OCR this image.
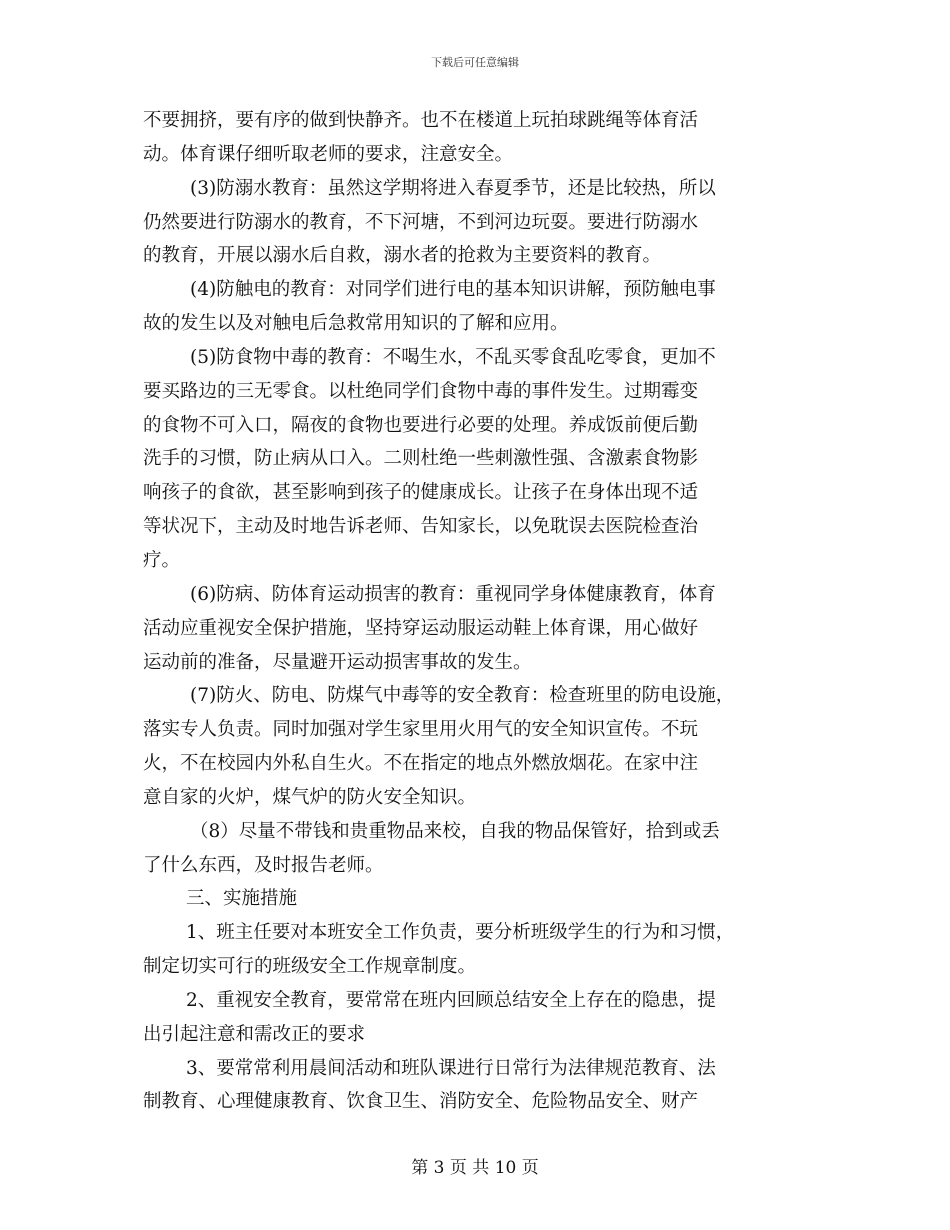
下载后可任意编辑
不要拥挤，要有序的做到快静齐。也不在楼道上玩拍球跳绳等体育活
动。体育课仔细听取老师的要求，注意安全。
(3)防溺水教育：虽然这学期将进入春夏季节，还是比较热，所以
仍然要进行防溺水的教育，不下河塘，不到河边玩耍。要进行防溺水
的教育，开展以溺水后自救，溺水者的抢救为主要资料的教育。
(4)防触电的教育：对同学们进行电的基本知识讲解，预防触电事
故的发生以及对触电后急救常用知识的了解和应用。
(5)防食物中毒的教育：不喝生水，不乱买零食乱吃零食，更加不
要买路边的三无零食。以杜绝同学们食物中毒的事件发生。过期霉变
的食物不可入口，隔夜的食物也要进行必要的处理。养成饭前便后勤
洗手的习惯，防止病从口入。二则杜绝一些刺激性强、含激素食物影
响孩子的食欲，甚至影响到孩子的健康成长。让孩子在身体出现不适
等状况下，主动及时地告诉老师、告知家长，以免耽误去医院检查治
疗。
(6)防病、防体育运动损害的教育：重视同学身体健康教育，体育
活动应重视安全保护措施，坚持穿运动服运动鞋上体育课，用心做好
运动前的准备，尽量避开运动损害事故的发生。
(7)防火、防电、防煤气中毒等的安全教育：检查班里的防电设施，
落实专人负责。同时加强对学生家里用火用气的安全知识宣传。不玩
火，不在校园内外私自生火。不在指定的地点外燃放烟花。在家中注
意自家的火炉，煤气炉的防火安全知识。
（8）尽量不带钱和贵重物品来校，自我的物品保管好，拾到或丢
了什么东西，及时报告老师。
三、实施措施
1、班主任要对本班安全工作负责，要分析班级学生的行为和习惯，
制定切实可行的班级安全工作规章制度。
2、重视安全教育，要常常在班内回顾总结安全上存在的隐患，提
出引起注意和需改正的要求
3、要常常利用晨间活动和班队课进行日常行为法律规范教育、法
制教育、心理健康教育、饮食卫生、消防安全、危险物品安全、财产
第 3 页 共 10 页
